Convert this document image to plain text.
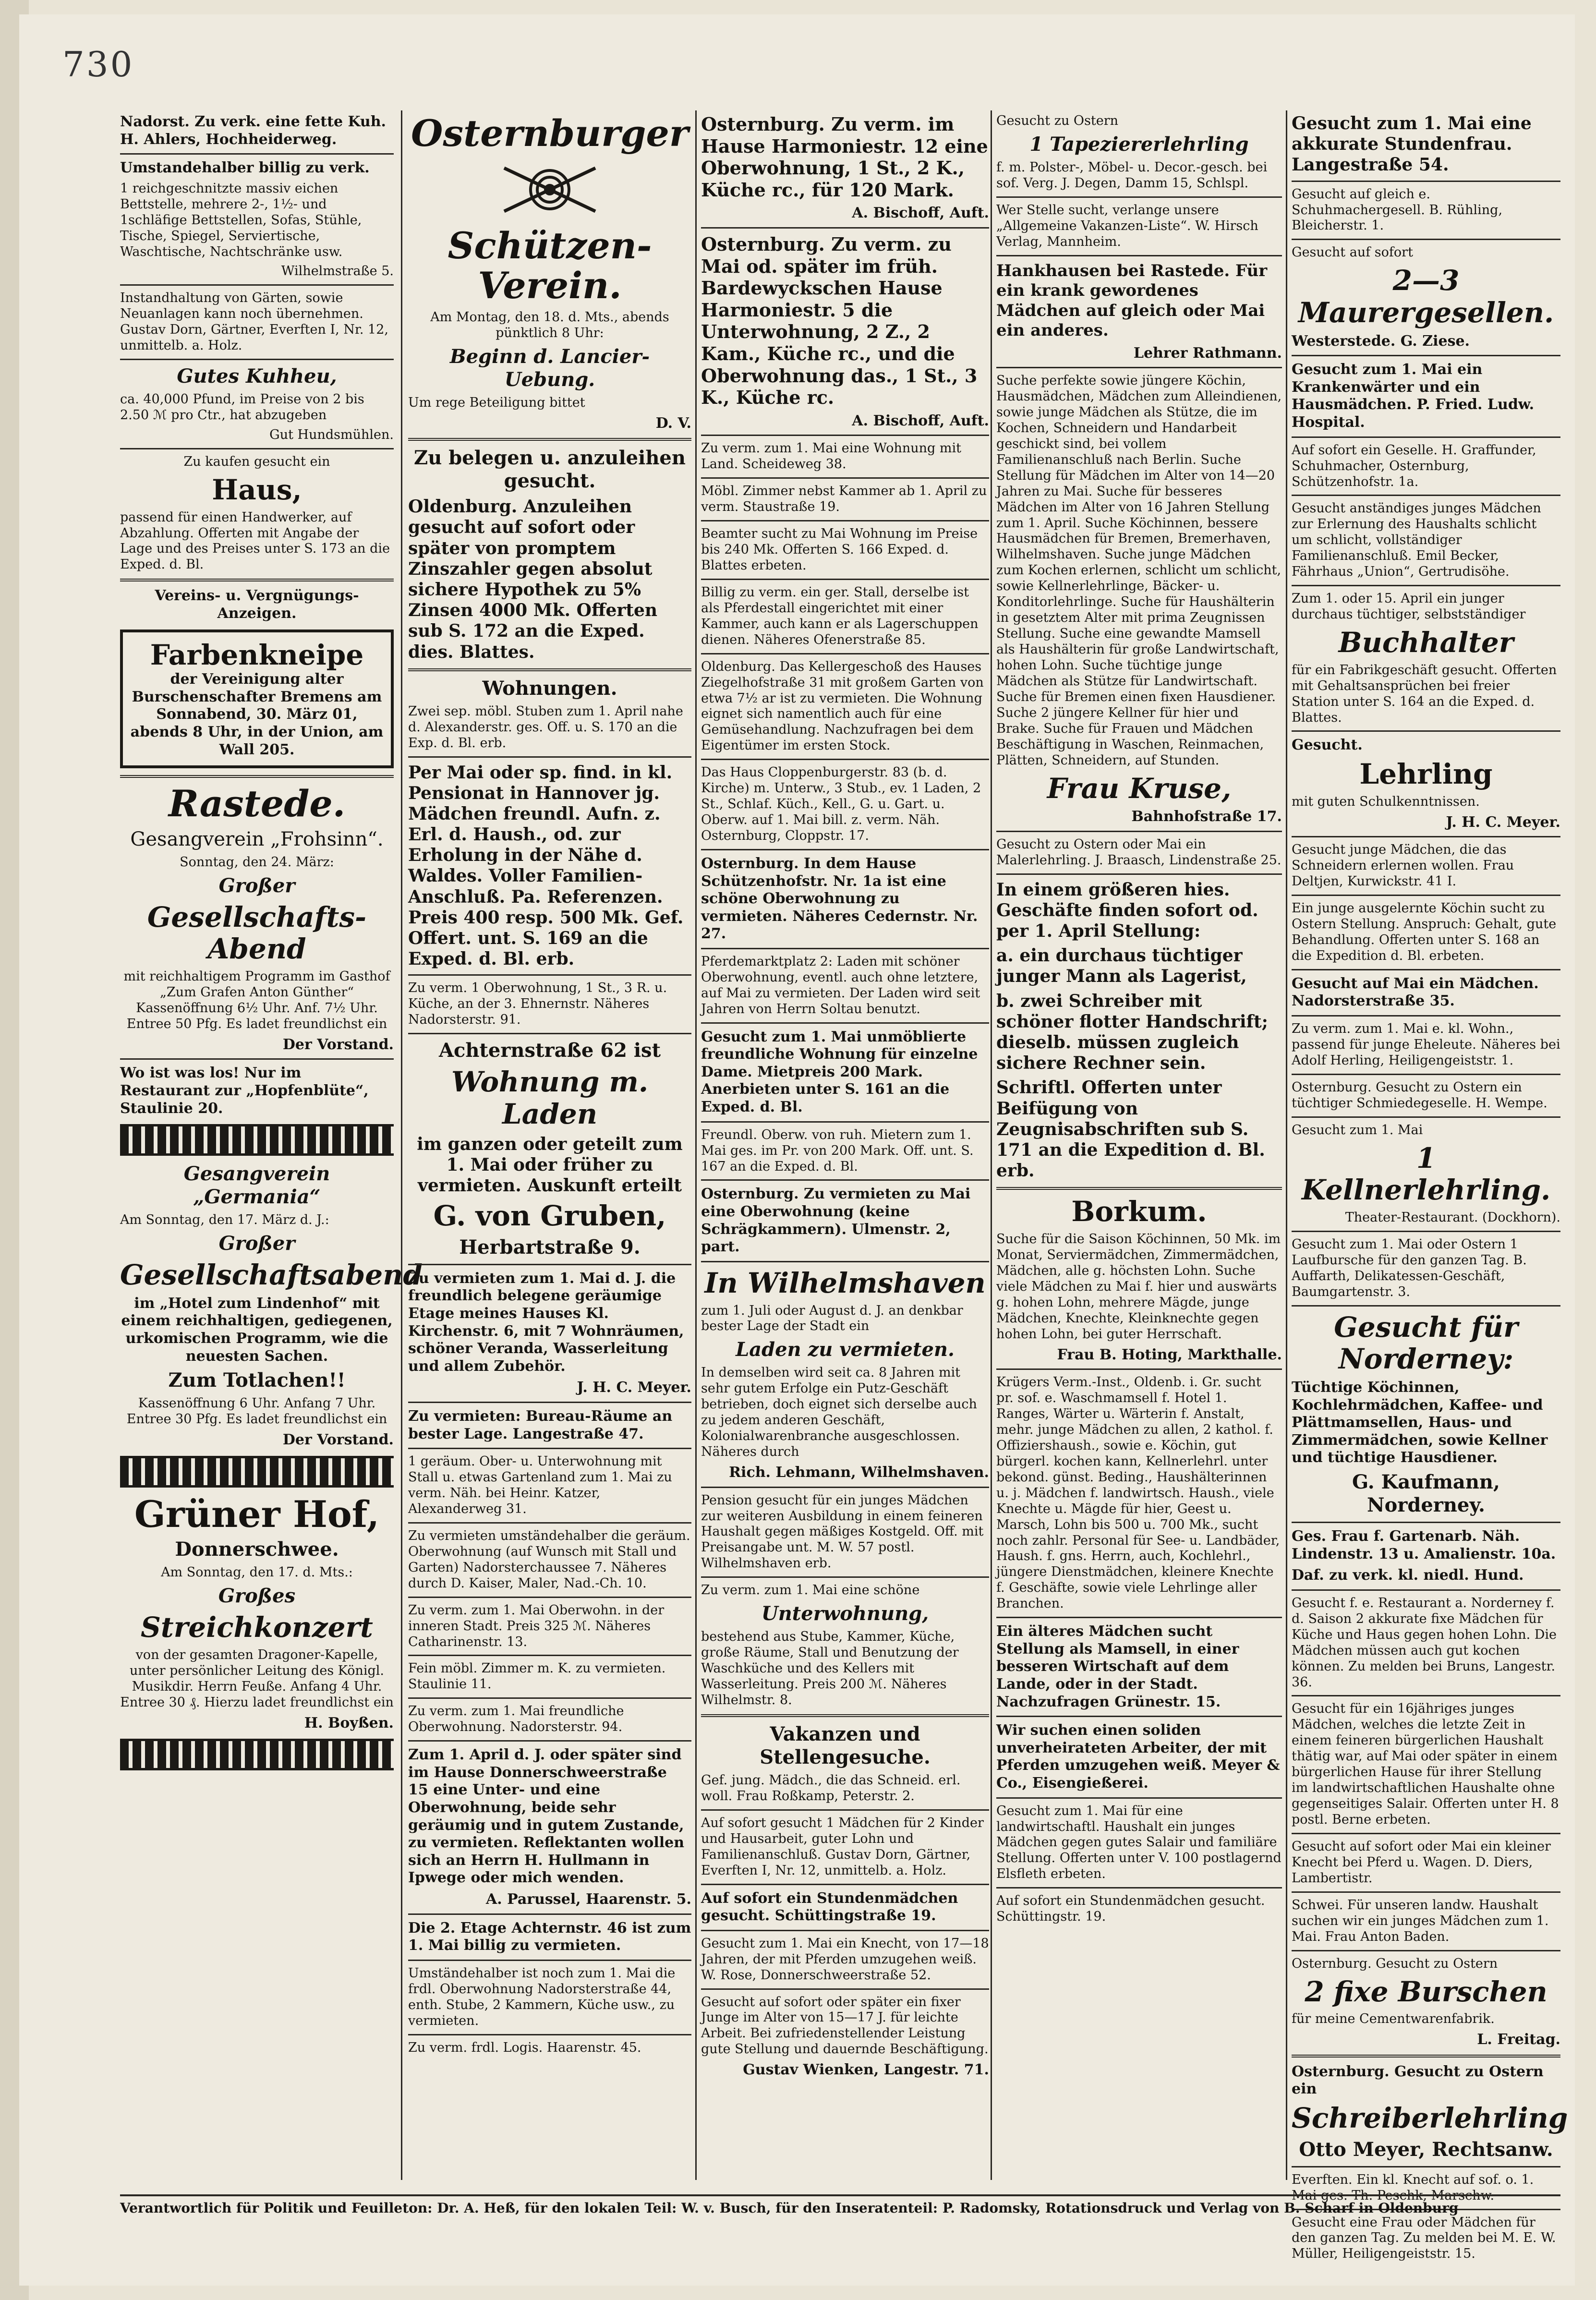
730
Nadorst. Zu verk. eine fette Kuh. H. Ahlers, Hochheiderweg.
Umstandehalber billig zu verk.
1 reichgeschnitzte massiv eichen Bettstelle, mehrere 2-, 1½- und 1schläfige Bettstellen, Sofas, Stühle, Tische, Spiegel, Serviertische, Waschtische, Nachtschränke usw.
Wilhelmstraße 5.
Instandhaltung von Gärten, sowie Neuanlagen kann noch übernehmen. Gustav Dorn, Gärtner, Everften I, Nr. 12, unmittelb. a. Holz.
Gutes Kuhheu,
ca. 40,000 Pfund, im Preise von 2 bis 2.50 ℳ pro Ctr., hat abzugeben
Gut Hundsmühlen.
Zu kaufen gesucht ein
Haus,
passend für einen Handwerker, auf Abzahlung. Offerten mit Angabe der Lage und des Preises unter S. 173 an die Exped. d. Bl.
Vereins- u. Vergnügungs-Anzeigen.
Farbenkneipe
der Vereinigung alter Burschenschafter Bremens am Sonnabend, 30. März 01, abends 8 Uhr, in der Union, am Wall 205.
Rastede.
Gesangverein „Frohsinn“.
Sonntag, den 24. März:
Großer
Gesellschafts-Abend
mit reichhaltigem Programm im Gasthof „Zum Grafen Anton Günther“ Kassenöffnung 6½ Uhr. Anf. 7½ Uhr. Entree 50 Pfg. Es ladet freundlichst ein
Der Vorstand.
Wo ist was los! Nur im Restaurant zur „Hopfenblüte“, Staulinie 20.
Gesangverein „Germania“
Am Sonntag, den 17. März d. J.:
Großer
Gesellschaftsabend
im „Hotel zum Lindenhof“ mit einem reichhaltigen, gediegenen, urkomischen Programm, wie die neuesten Sachen.
Zum Totlachen!!
Kassenöffnung 6 Uhr. Anfang 7 Uhr. Entree 30 Pfg. Es ladet freundlichst ein
Der Vorstand.
Grüner Hof,
Donnerschwee.
Am Sonntag, den 17. d. Mts.:
Großes
Streichkonzert
von der gesamten Dragoner-Kapelle, unter persönlicher Leitung des Königl. Musikdir. Herrn Feuße. Anfang 4 Uhr. Entree 30 ₰. Hierzu ladet freundlichst ein
H. Boyßen.
Osternburger
Schützen-Verein.
Am Montag, den 18. d. Mts., abends pünktlich 8 Uhr:
Beginn d. Lancier-Uebung.
Um rege Beteiligung bittet
D. V.
Zu belegen u. anzuleihen gesucht.
Oldenburg. Anzuleihen gesucht auf sofort oder später von promptem Zinszahler gegen absolut sichere Hypothek zu 5% Zinsen 4000 Mk. Offerten sub S. 172 an die Exped. dies. Blattes.
Wohnungen.
Zwei sep. möbl. Stuben zum 1. April nahe d. Alexanderstr. ges. Off. u. S. 170 an die Exp. d. Bl. erb.
Per Mai oder sp. find. in kl. Pensionat in Hannover jg. Mädchen freundl. Aufn. z. Erl. d. Haush., od. zur Erholung in der Nähe d. Waldes. Voller Familien-Anschluß. Pa. Referenzen. Preis 400 resp. 500 Mk. Gef. Offert. unt. S. 169 an die Exped. d. Bl. erb.
Zu verm. 1 Oberwohnung, 1 St., 3 R. u. Küche, an der 3. Ehnernstr. Näheres Nadorsterstr. 91.
Achternstraße 62 ist
Wohnung m. Laden
im ganzen oder geteilt zum 1. Mai oder früher zu vermieten. Auskunft erteilt
G. von Gruben,
Herbartstraße 9.
Zu vermieten zum 1. Mai d. J. die freundlich belegene geräumige Etage meines Hauses Kl. Kirchenstr. 6, mit 7 Wohnräumen, schöner Veranda, Wasserleitung und allem Zubehör.
J. H. C. Meyer.
Zu vermieten: Bureau-Räume an bester Lage. Langestraße 47.
1 geräum. Ober- u. Unterwohnung mit Stall u. etwas Gartenland zum 1. Mai zu verm. Näh. bei Heinr. Katzer, Alexanderweg 31.
Zu vermieten umständehalber die geräum. Oberwohnung (auf Wunsch mit Stall und Garten) Nadorsterchaussee 7. Näheres durch D. Kaiser, Maler, Nad.-Ch. 10.
Zu verm. zum 1. Mai Oberwohn. in der inneren Stadt. Preis 325 ℳ. Näheres Catharinenstr. 13.
Fein möbl. Zimmer m. K. zu vermieten. Staulinie 11.
Zu verm. zum 1. Mai freundliche Oberwohnung. Nadorsterstr. 94.
Zum 1. April d. J. oder später sind im Hause Donnerschweerstraße 15 eine Unter- und eine Oberwohnung, beide sehr geräumig und in gutem Zustande, zu vermieten. Reflektanten wollen sich an Herrn H. Hullmann in Ipwege oder mich wenden.
A. Parussel, Haarenstr. 5.
Die 2. Etage Achternstr. 46 ist zum 1. Mai billig zu vermieten.
Umständehalber ist noch zum 1. Mai die frdl. Oberwohnung Nadorsterstraße 44, enth. Stube, 2 Kammern, Küche usw., zu vermieten.
Zu verm. frdl. Logis. Haarenstr. 45.
Osternburg. Zu verm. im Hause Harmoniestr. 12 eine Oberwohnung, 1 St., 2 K., Küche rc., für 120 Mark.
A. Bischoff, Auft.
Osternburg. Zu verm. zu Mai od. später im früh. Bardewyckschen Hause Harmoniestr. 5 die Unterwohnung, 2 Z., 2 Kam., Küche rc., und die Oberwohnung das., 1 St., 3 K., Küche rc.
A. Bischoff, Auft.
Zu verm. zum 1. Mai eine Wohnung mit Land. Scheideweg 38.
Möbl. Zimmer nebst Kammer ab 1. April zu verm. Staustraße 19.
Beamter sucht zu Mai Wohnung im Preise bis 240 Mk. Offerten S. 166 Exped. d. Blattes erbeten.
Billig zu verm. ein ger. Stall, derselbe ist als Pferdestall eingerichtet mit einer Kammer, auch kann er als Lagerschuppen dienen. Näheres Ofenerstraße 85.
Oldenburg. Das Kellergeschoß des Hauses Ziegelhofstraße 31 mit großem Garten von etwa 7½ ar ist zu vermieten. Die Wohnung eignet sich namentlich auch für eine Gemüsehandlung. Nachzufragen bei dem Eigentümer im ersten Stock.
Das Haus Cloppenburgerstr. 83 (b. d. Kirche) m. Unterw., 3 Stub., ev. 1 Laden, 2 St., Schlaf. Küch., Kell., G. u. Gart. u. Oberw. auf 1. Mai bill. z. verm. Näh. Osternburg, Cloppstr. 17.
Osternburg. In dem Hause Schützenhofstr. Nr. 1a ist eine schöne Oberwohnung zu vermieten. Näheres Cedernstr. Nr. 27.
Pferdemarktplatz 2: Laden mit schöner Oberwohnung, eventl. auch ohne letztere, auf Mai zu vermieten. Der Laden wird seit Jahren von Herrn Soltau benutzt.
Gesucht zum 1. Mai unmöblierte freundliche Wohnung für einzelne Dame. Mietpreis 200 Mark. Anerbieten unter S. 161 an die Exped. d. Bl.
Freundl. Oberw. von ruh. Mietern zum 1. Mai ges. im Pr. von 200 Mark. Off. unt. S. 167 an die Exped. d. Bl.
Osternburg. Zu vermieten zu Mai eine Oberwohnung (keine Schrägkammern). Ulmenstr. 2, part.
In Wilhelmshaven
zum 1. Juli oder August d. J. an denkbar bester Lage der Stadt ein
Laden zu vermieten.
In demselben wird seit ca. 8 Jahren mit sehr gutem Erfolge ein Putz-Geschäft betrieben, doch eignet sich derselbe auch zu jedem anderen Geschäft, Kolonialwarenbranche ausgeschlossen. Näheres durch
Rich. Lehmann, Wilhelmshaven.
Pension gesucht für ein junges Mädchen zur weiteren Ausbildung in einem feineren Haushalt gegen mäßiges Kostgeld. Off. mit Preisangabe unt. M. W. 57 postl. Wilhelmshaven erb.
Zu verm. zum 1. Mai eine schöne
Unterwohnung,
bestehend aus Stube, Kammer, Küche, große Räume, Stall und Benutzung der Waschküche und des Kellers mit Wasserleitung. Preis 200 ℳ. Näheres Wilhelmstr. 8.
Vakanzen und Stellengesuche.
Gef. jung. Mädch., die das Schneid. erl. woll. Frau Roßkamp, Peterstr. 2.
Auf sofort gesucht 1 Mädchen für 2 Kinder und Hausarbeit, guter Lohn und Familienanschluß. Gustav Dorn, Gärtner, Everften I, Nr. 12, unmittelb. a. Holz.
Auf sofort ein Stundenmädchen gesucht. Schüttingstraße 19.
Gesucht zum 1. Mai ein Knecht, von 17—18 Jahren, der mit Pferden umzugehen weiß. W. Rose, Donnerschweerstraße 52.
Gesucht auf sofort oder später ein fixer Junge im Alter von 15—17 J. für leichte Arbeit. Bei zufriedenstellender Leistung gute Stellung und dauernde Beschäftigung.
Gustav Wienken, Langestr. 71.
Gesucht zu Ostern
1 Tapeziererlehrling
f. m. Polster-, Möbel- u. Decor.-gesch. bei sof. Verg. J. Degen, Damm 15, Schlspl.
Wer Stelle sucht, verlange unsere „Allgemeine Vakanzen-Liste“. W. Hirsch Verlag, Mannheim.
Hankhausen bei Rastede. Für ein krank gewordenes Mädchen auf gleich oder Mai ein anderes.
Lehrer Rathmann.
Suche perfekte sowie jüngere Köchin, Hausmädchen, Mädchen zum Alleindienen, sowie junge Mädchen als Stütze, die im Kochen, Schneidern und Handarbeit geschickt sind, bei vollem Familienanschluß nach Berlin. Suche Stellung für Mädchen im Alter von 14—20 Jahren zu Mai. Suche für besseres Mädchen im Alter von 16 Jahren Stellung zum 1. April. Suche Köchinnen, bessere Hausmädchen für Bremen, Bremerhaven, Wilhelmshaven. Suche junge Mädchen zum Kochen erlernen, schlicht um schlicht, sowie Kellnerlehrlinge, Bäcker- u. Konditorlehrlinge. Suche für Haushälterin in gesetztem Alter mit prima Zeugnissen Stellung. Suche eine gewandte Mamsell als Haushälterin für große Landwirtschaft, hohen Lohn. Suche tüchtige junge Mädchen als Stütze für Landwirtschaft. Suche für Bremen einen fixen Hausdiener. Suche 2 jüngere Kellner für hier und Brake. Suche für Frauen und Mädchen Beschäftigung in Waschen, Reinmachen, Plätten, Schneidern, auf Stunden.
Frau Kruse,
Bahnhofstraße 17.
Gesucht zu Ostern oder Mai ein Malerlehrling. J. Braasch, Lindenstraße 25.
In einem größeren hies. Geschäfte finden sofort od. per 1. April Stellung:
a. ein durchaus tüchtiger junger Mann als Lagerist,
b. zwei Schreiber mit schöner flotter Handschrift; dieselb. müssen zugleich sichere Rechner sein.
Schriftl. Offerten unter Beifügung von Zeugnisabschriften sub S. 171 an die Expedition d. Bl. erb.
Borkum.
Suche für die Saison Köchinnen, 50 Mk. im Monat, Serviermädchen, Zimmermädchen, Mädchen, alle g. höchsten Lohn. Suche viele Mädchen zu Mai f. hier und auswärts g. hohen Lohn, mehrere Mägde, junge Mädchen, Knechte, Kleinknechte gegen hohen Lohn, bei guter Herrschaft.
Frau B. Hoting, Markthalle.
Krügers Verm.-Inst., Oldenb. i. Gr. sucht pr. sof. e. Waschmamsell f. Hotel 1. Ranges, Wärter u. Wärterin f. Anstalt, mehr. junge Mädchen zu allen, 2 kathol. f. Offiziershaush., sowie e. Köchin, gut bürgerl. kochen kann, Kellnerlehrl. unter bekond. günst. Beding., Haushälterinnen u. j. Mädchen f. landwirtsch. Haush., viele Knechte u. Mägde für hier, Geest u. Marsch, Lohn bis 500 u. 700 Mk., sucht noch zahlr. Personal für See- u. Landbäder, Haush. f. gns. Herrn, auch, Kochlehrl., jüngere Dienstmädchen, kleinere Knechte f. Geschäfte, sowie viele Lehrlinge aller Branchen.
Ein älteres Mädchen sucht Stellung als Mamsell, in einer besseren Wirtschaft auf dem Lande, oder in der Stadt. Nachzufragen Grünestr. 15.
Wir suchen einen soliden unverheirateten Arbeiter, der mit Pferden umzugehen weiß. Meyer & Co., Eisengießerei.
Gesucht zum 1. Mai für eine landwirtschaftl. Haushalt ein junges Mädchen gegen gutes Salair und familiäre Stellung. Offerten unter V. 100 postlagernd Elsfleth erbeten.
Auf sofort ein Stundenmädchen gesucht. Schüttingstr. 19.
Gesucht zum 1. Mai eine akkurate Stundenfrau. Langestraße 54.
Gesucht auf gleich e. Schuhmachergesell. B. Rühling, Bleicherstr. 1.
Gesucht auf sofort
2—3 Maurergesellen.
Westerstede. G. Ziese.
Gesucht zum 1. Mai ein Krankenwärter und ein Hausmädchen. P. Fried. Ludw. Hospital.
Auf sofort ein Geselle. H. Graffunder, Schuhmacher, Osternburg, Schützenhofstr. 1a.
Gesucht anständiges junges Mädchen zur Erlernung des Haushalts schlicht um schlicht, vollständiger Familienanschluß. Emil Becker, Fährhaus „Union“, Gertrudisöhe.
Zum 1. oder 15. April ein junger durchaus tüchtiger, selbstständiger
Buchhalter
für ein Fabrikgeschäft gesucht. Offerten mit Gehaltsansprüchen bei freier Station unter S. 164 an die Exped. d. Blattes.
Gesucht.
Lehrling
mit guten Schulkenntnissen.
J. H. C. Meyer.
Gesucht junge Mädchen, die das Schneidern erlernen wollen. Frau Deltjen, Kurwickstr. 41 I.
Ein junge ausgelernte Köchin sucht zu Ostern Stellung. Anspruch: Gehalt, gute Behandlung. Offerten unter S. 168 an die Expedition d. Bl. erbeten.
Gesucht auf Mai ein Mädchen. Nadorsterstraße 35.
Zu verm. zum 1. Mai e. kl. Wohn., passend für junge Eheleute. Näheres bei Adolf Herling, Heiligengeiststr. 1.
Osternburg. Gesucht zu Ostern ein tüchtiger Schmiedegeselle. H. Wempe.
Gesucht zum 1. Mai
1 Kellnerlehrling.
Theater-Restaurant. (Dockhorn).
Gesucht zum 1. Mai oder Ostern 1 Laufbursche für den ganzen Tag. B. Auffarth, Delikatessen-Geschäft, Baumgartenstr. 3.
Gesucht für Norderney:
Tüchtige Köchinnen, Kochlehrmädchen, Kaffee- und Plättmamsellen, Haus- und Zimmermädchen, sowie Kellner und tüchtige Hausdiener.
G. Kaufmann, Norderney.
Ges. Frau f. Gartenarb. Näh. Lindenstr. 13 u. Amalienstr. 10a.
Daf. zu verk. kl. niedl. Hund.
Gesucht f. e. Restaurant a. Norderney f. d. Saison 2 akkurate fixe Mädchen für Küche und Haus gegen hohen Lohn. Die Mädchen müssen auch gut kochen können. Zu melden bei Bruns, Langestr. 36.
Gesucht für ein 16jähriges junges Mädchen, welches die letzte Zeit in einem feineren bürgerlichen Haushalt thätig war, auf Mai oder später in einem bürgerlichen Hause für ihrer Stellung im landwirtschaftlichen Haushalte ohne gegenseitiges Salair. Offerten unter H. 8 postl. Berne erbeten.
Gesucht auf sofort oder Mai ein kleiner Knecht bei Pferd u. Wagen. D. Diers, Lambertistr.
Schwei. Für unseren landw. Haushalt suchen wir ein junges Mädchen zum 1. Mai. Frau Anton Baden.
Osternburg. Gesucht zu Ostern
2 fixe Burschen
für meine Cementwarenfabrik.
L. Freitag.
Osternburg. Gesucht zu Ostern ein
Schreiberlehrling
Otto Meyer, Rechtsanw.
Everften. Ein kl. Knecht auf sof. o. 1. Mai ges. Th. Peschk, Marschw.
Gesucht eine Frau oder Mädchen für den ganzen Tag. Zu melden bei M. E. W. Müller, Heiligengeiststr. 15.
Verantwortlich für Politik und Feuilleton: Dr. A. Heß, für den lokalen Teil: W. v. Busch, für den Inseratenteil: P. Radomsky, Rotationsdruck und Verlag von B. Scharf in Oldenburg
